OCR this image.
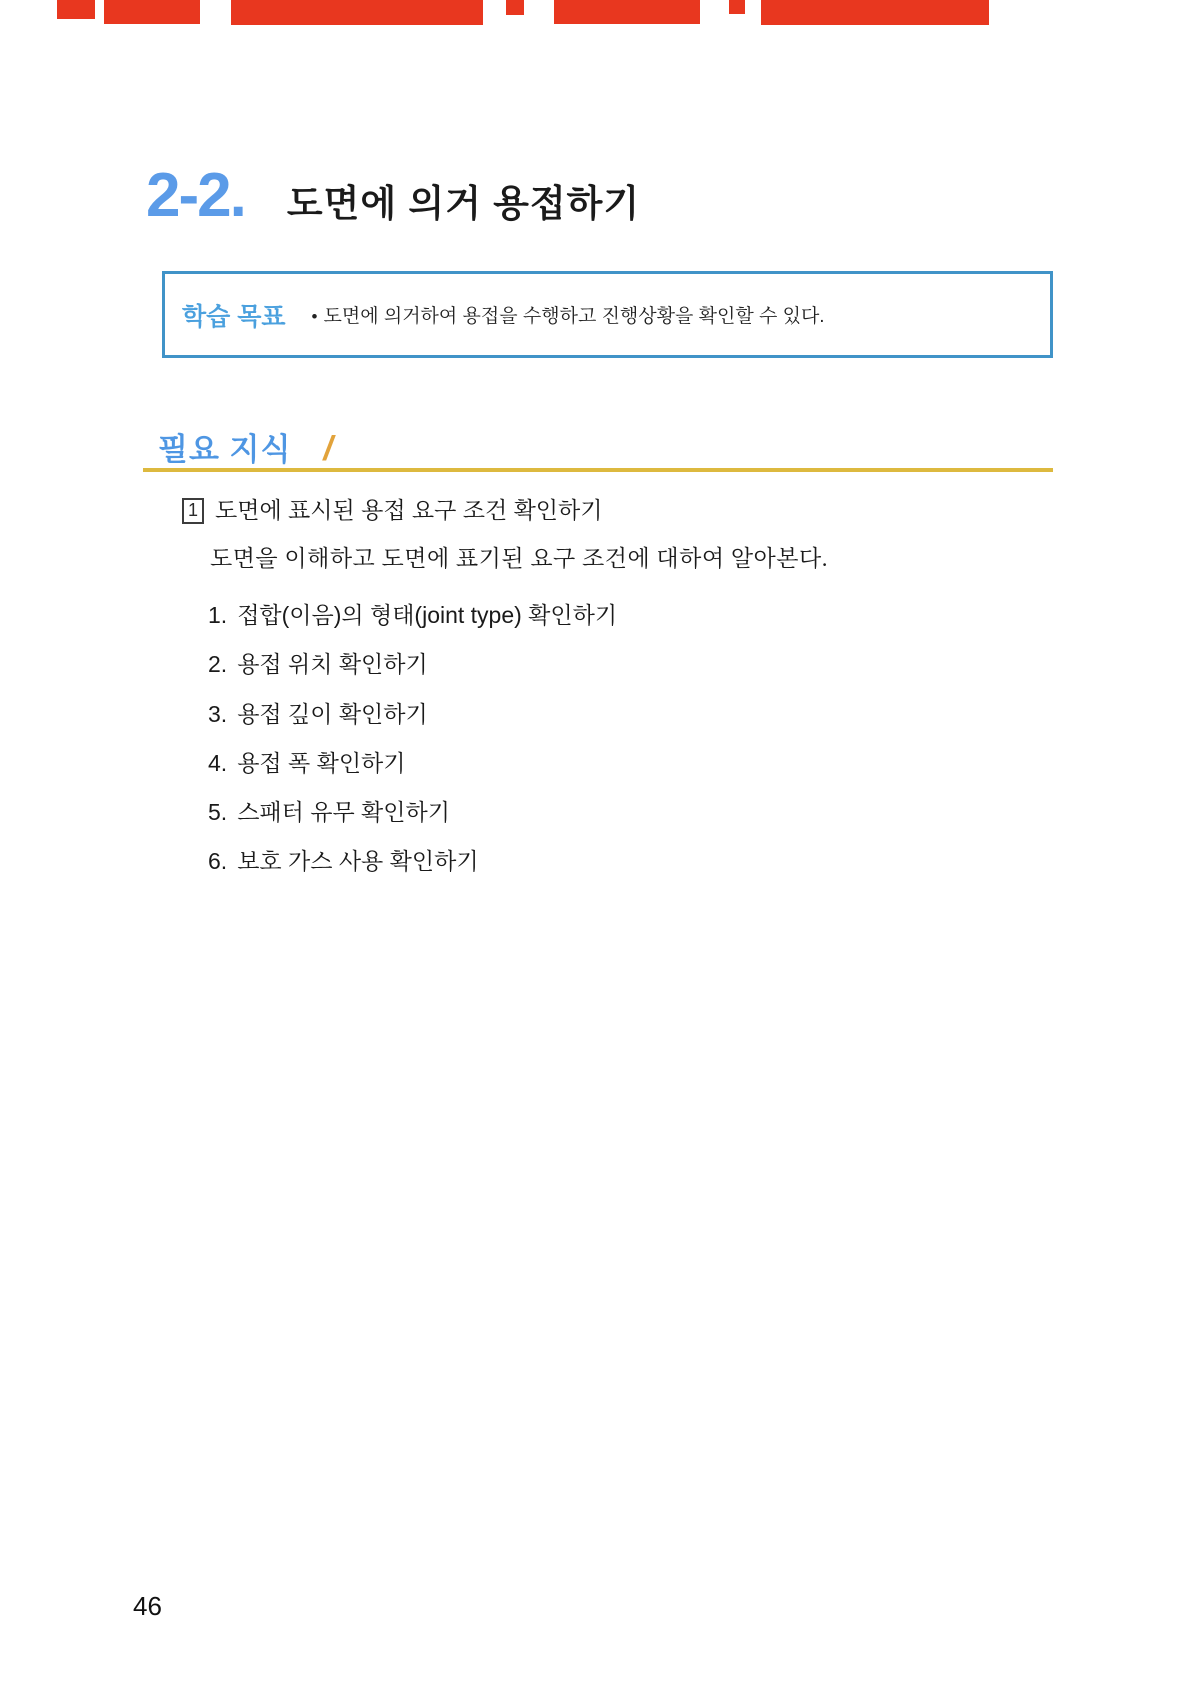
2-2. 도면에 의거 용접하기
학습 목표 • 도면에 의거하여 용접을 수행하고 진행상황을 확인할 수 있다.
필요 지식 /
1 도면에 표시된 용접 요구 조건 확인하기
도면을 이해하고 도면에 표기된 요구 조건에 대하여 알아본다.
1. 접합(이음)의 형태(joint type) 확인하기
2. 용접 위치 확인하기
3. 용접 깊이 확인하기
4. 용접 폭 확인하기
5. 스패터 유무 확인하기
6. 보호 가스 사용 확인하기
46
